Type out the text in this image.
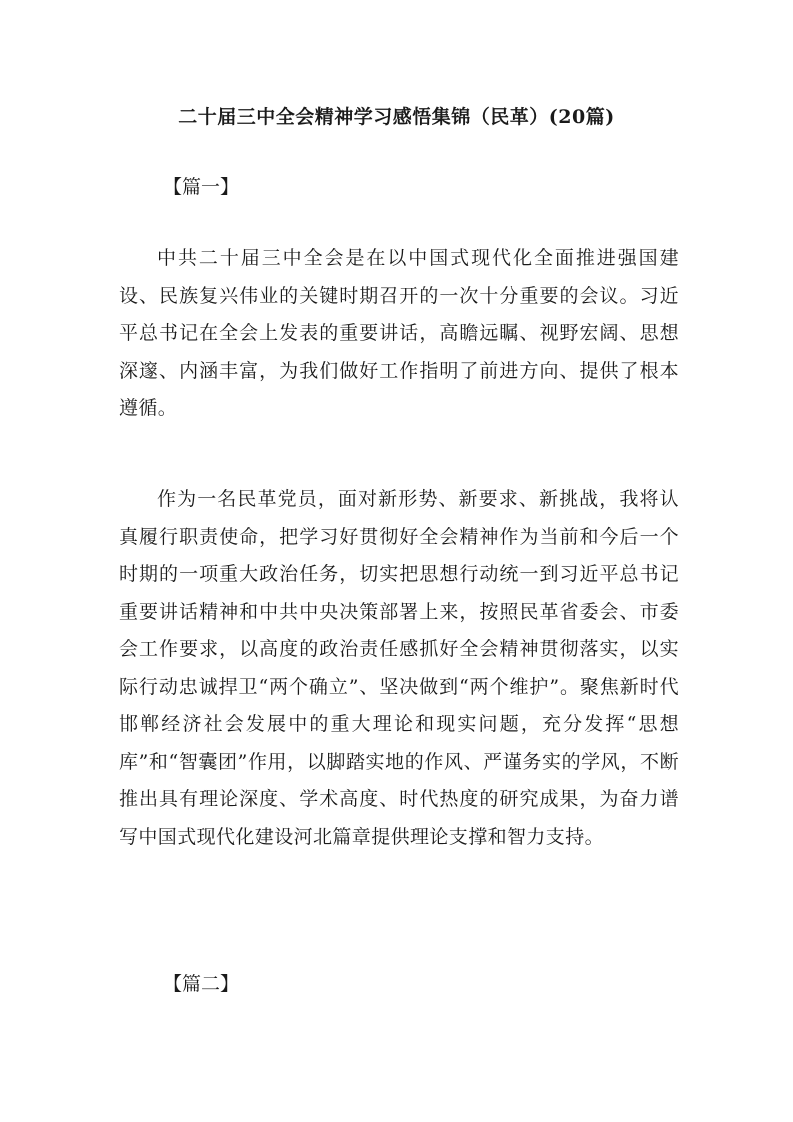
二十届三中全会精神学习感悟集锦（民革）(20篇)
【篇一】

中共二十届三中全会是在以中国式现代化全面推进强国建设、民族复兴伟业的关键时期召开的一次十分重要的会议。习近平总书记在全会上发表的重要讲话，高瞻远瞩、视野宏阔、思想深邃、内涵丰富，为我们做好工作指明了前进方向、提供了根本遵循。

作为一名民革党员，面对新形势、新要求、新挑战，我将认真履行职责使命，把学习好贯彻好全会精神作为当前和今后一个时期的一项重大政治任务，切实把思想行动统一到习近平总书记重要讲话精神和中共中央决策部署上来，按照民革省委会、市委会工作要求，以高度的政治责任感抓好全会精神贯彻落实，以实际行动忠诚捍卫“两个确立”、坚决做到“两个维护”。聚焦新时代邯郸经济社会发展中的重大理论和现实问题，充分发挥“思想库”和“智囊团”作用，以脚踏实地的作风、严谨务实的学风，不断推出具有理论深度、学术高度、时代热度的研究成果，为奋力谱写中国式现代化建设河北篇章提供理论支撑和智力支持。

【篇二】
